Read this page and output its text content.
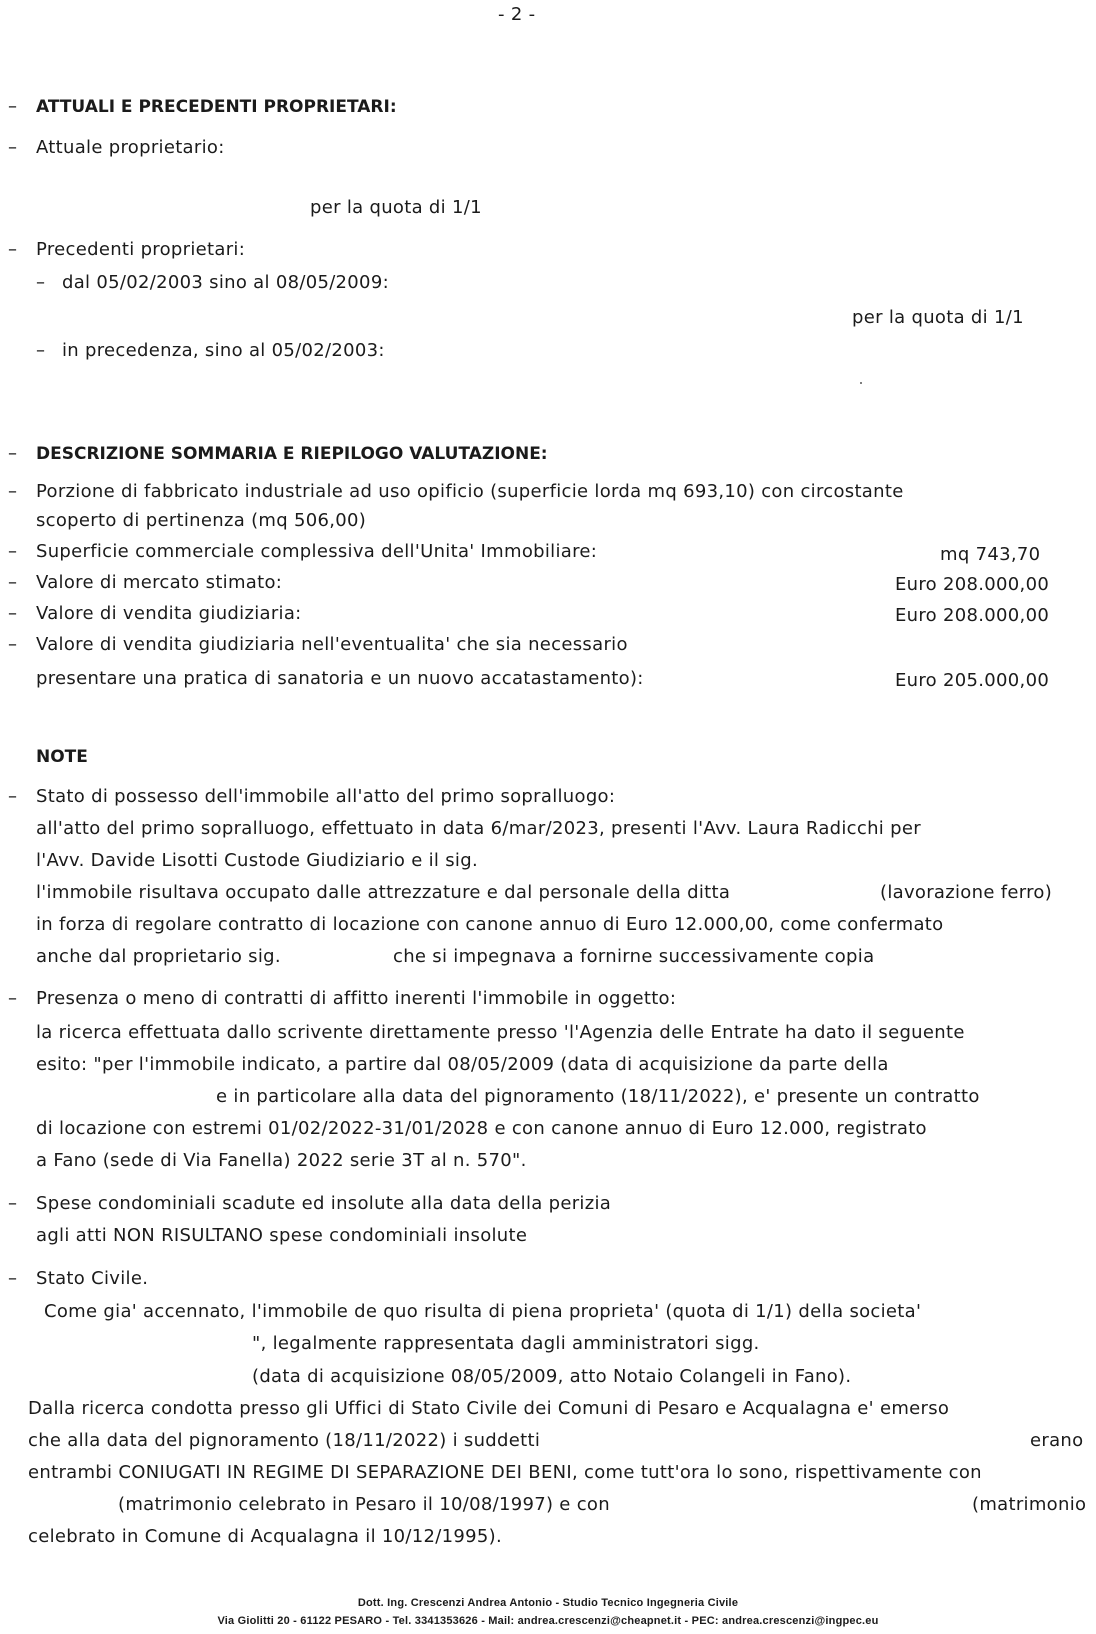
- 2 -
– ATTUALI E PRECEDENTI PROPRIETARI:
– Attuale proprietario:
per la quota di 1/1
– Precedenti proprietari:
– dal 05/02/2003 sino al 08/05/2009:
per la quota di 1/1
– in precedenza, sino al 05/02/2003:
– DESCRIZIONE SOMMARIA E RIEPILOGO VALUTAZIONE:
– Porzione di fabbricato industriale ad uso opificio (superficie lorda mq 693,10) con circostante
scoperto di pertinenza (mq 506,00)
– Superficie commerciale complessiva dell'Unita' Immobiliare:	mq 743,70
– Valore di mercato stimato:	Euro 208.000,00
– Valore di vendita giudiziaria:	Euro 208.000,00
– Valore di vendita giudiziaria nell'eventualita' che sia necessario
presentare una pratica di sanatoria e un nuovo accatastamento):	Euro 205.000,00
NOTE
– Stato di possesso dell'immobile all'atto del primo sopralluogo:
all'atto del primo sopralluogo, effettuato in data 6/mar/2023, presenti l'Avv. Laura Radicchi per
l'Avv. Davide Lisotti Custode Giudiziario e il sig.
l'immobile risultava occupato dalle attrezzature e dal personale della ditta	(lavorazione ferro)
in forza di regolare contratto di locazione con canone annuo di Euro 12.000,00, come confermato
anche dal proprietario sig.	che si impegnava a fornirne successivamente copia
– Presenza o meno di contratti di affitto inerenti l'immobile in oggetto:
la ricerca effettuata dallo scrivente direttamente presso 'l'Agenzia delle Entrate ha dato il seguente
esito: "per l'immobile indicato, a partire dal 08/05/2009 (data di acquisizione da parte della
e in particolare alla data del pignoramento (18/11/2022), e' presente un contratto
di locazione con estremi 01/02/2022-31/01/2028 e con canone annuo di Euro 12.000, registrato
a Fano (sede di Via Fanella) 2022 serie 3T al n. 570".
– Spese condominiali scadute ed insolute alla data della perizia
agli atti NON RISULTANO spese condominiali insolute
– Stato Civile.
Come gia' accennato, l'immobile de quo risulta di piena proprieta' (quota di 1/1) della societa'
", legalmente rappresentata dagli amministratori sigg.
(data di acquisizione 08/05/2009, atto Notaio Colangeli in Fano).
Dalla ricerca condotta presso gli Uffici di Stato Civile dei Comuni di Pesaro e Acqualagna e' emerso
che alla data del pignoramento (18/11/2022) i suddetti	erano
entrambi CONIUGATI IN REGIME DI SEPARAZIONE DEI BENI, come tutt'ora lo sono, rispettivamente con
(matrimonio celebrato in Pesaro il 10/08/1997) e con	(matrimonio
celebrato in Comune di Acqualagna il 10/12/1995).
Dott. Ing. Crescenzi Andrea Antonio - Studio Tecnico Ingegneria Civile
Via Giolitti 20 - 61122 PESARO - Tel. 3341353626 - Mail: andrea.crescenzi@cheapnet.it - PEC: andrea.crescenzi@ingpec.eu
